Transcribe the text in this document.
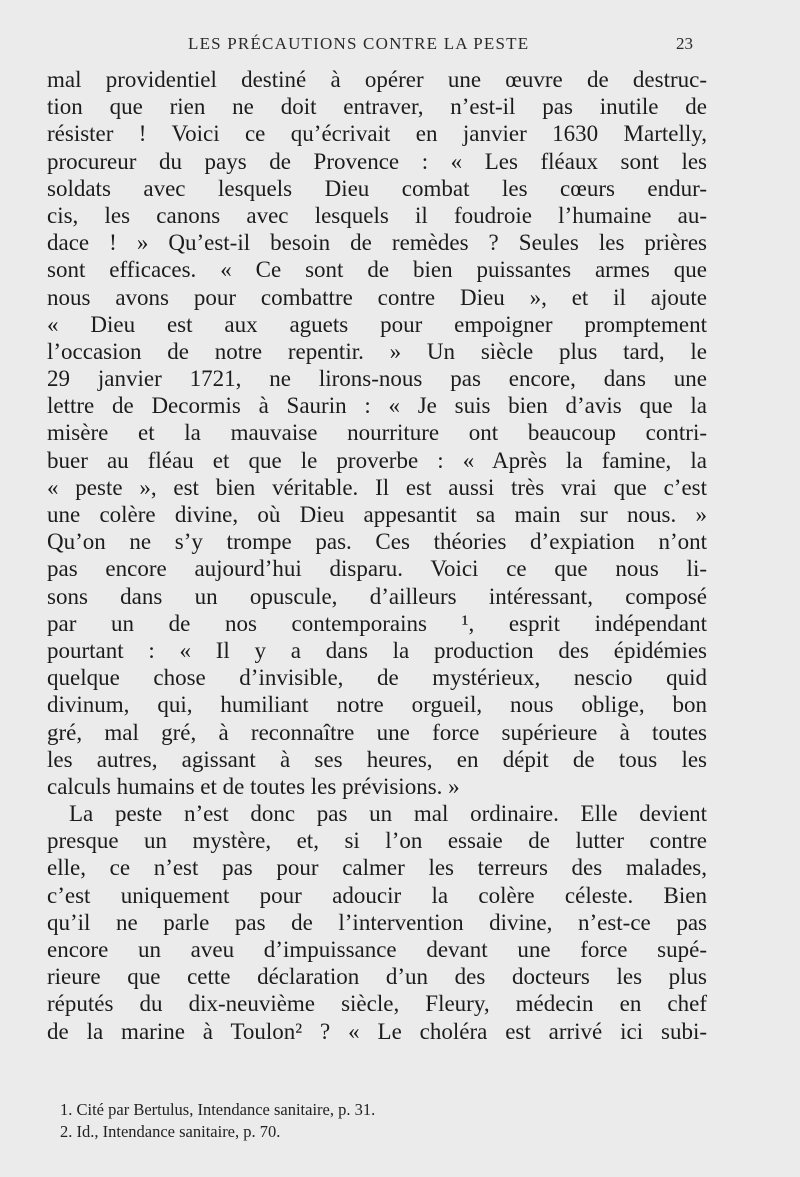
LES PRÉCAUTIONS CONTRE LA PESTE	23
mal providentiel destiné à opérer une œuvre de destruc-
tion que rien ne doit entraver, n’est-il pas inutile de
résister ! Voici ce qu’écrivait en janvier 1630 Martelly,
procureur du pays de Provence : « Les fléaux sont les
soldats avec lesquels Dieu combat les cœurs endur-
cis, les canons avec lesquels il foudroie l’humaine au-
dace ! » Qu’est-il besoin de remèdes ? Seules les prières
sont efficaces. « Ce sont de bien puissantes armes que
nous avons pour combattre contre Dieu », et il ajoute
« Dieu est aux aguets pour empoigner promptement
l’occasion de notre repentir. » Un siècle plus tard, le
29 janvier 1721, ne lirons-nous pas encore, dans une
lettre de Decormis à Saurin : « Je suis bien d’avis que la
misère et la mauvaise nourriture ont beaucoup contri-
buer au fléau et que le proverbe : « Après la famine, la
« peste », est bien véritable. Il est aussi très vrai que c’est
une colère divine, où Dieu appesantit sa main sur nous. »
Qu’on ne s’y trompe pas. Ces théories d’expiation n’ont
pas encore aujourd’hui disparu. Voici ce que nous li-
sons dans un opuscule, d’ailleurs intéressant, composé
par un de nos contemporains ¹, esprit indépendant
pourtant : « Il y a dans la production des épidémies
quelque chose d’invisible, de mystérieux, nescio quid
divinum, qui, humiliant notre orgueil, nous oblige, bon
gré, mal gré, à reconnaître une force supérieure à toutes
les autres, agissant à ses heures, en dépit de tous les
calculs humains et de toutes les prévisions. »
La peste n’est donc pas un mal ordinaire. Elle devient
presque un mystère, et, si l’on essaie de lutter contre
elle, ce n’est pas pour calmer les terreurs des malades,
c’est uniquement pour adoucir la colère céleste. Bien
qu’il ne parle pas de l’intervention divine, n’est-ce pas
encore un aveu d’impuissance devant une force supé-
rieure que cette déclaration d’un des docteurs les plus
réputés du dix-neuvième siècle, Fleury, médecin en chef
de la marine à Toulon² ? « Le choléra est arrivé ici subi-
1. Cité par Bertulus, Intendance sanitaire, p. 31.
2. Id., Intendance sanitaire, p. 70.
